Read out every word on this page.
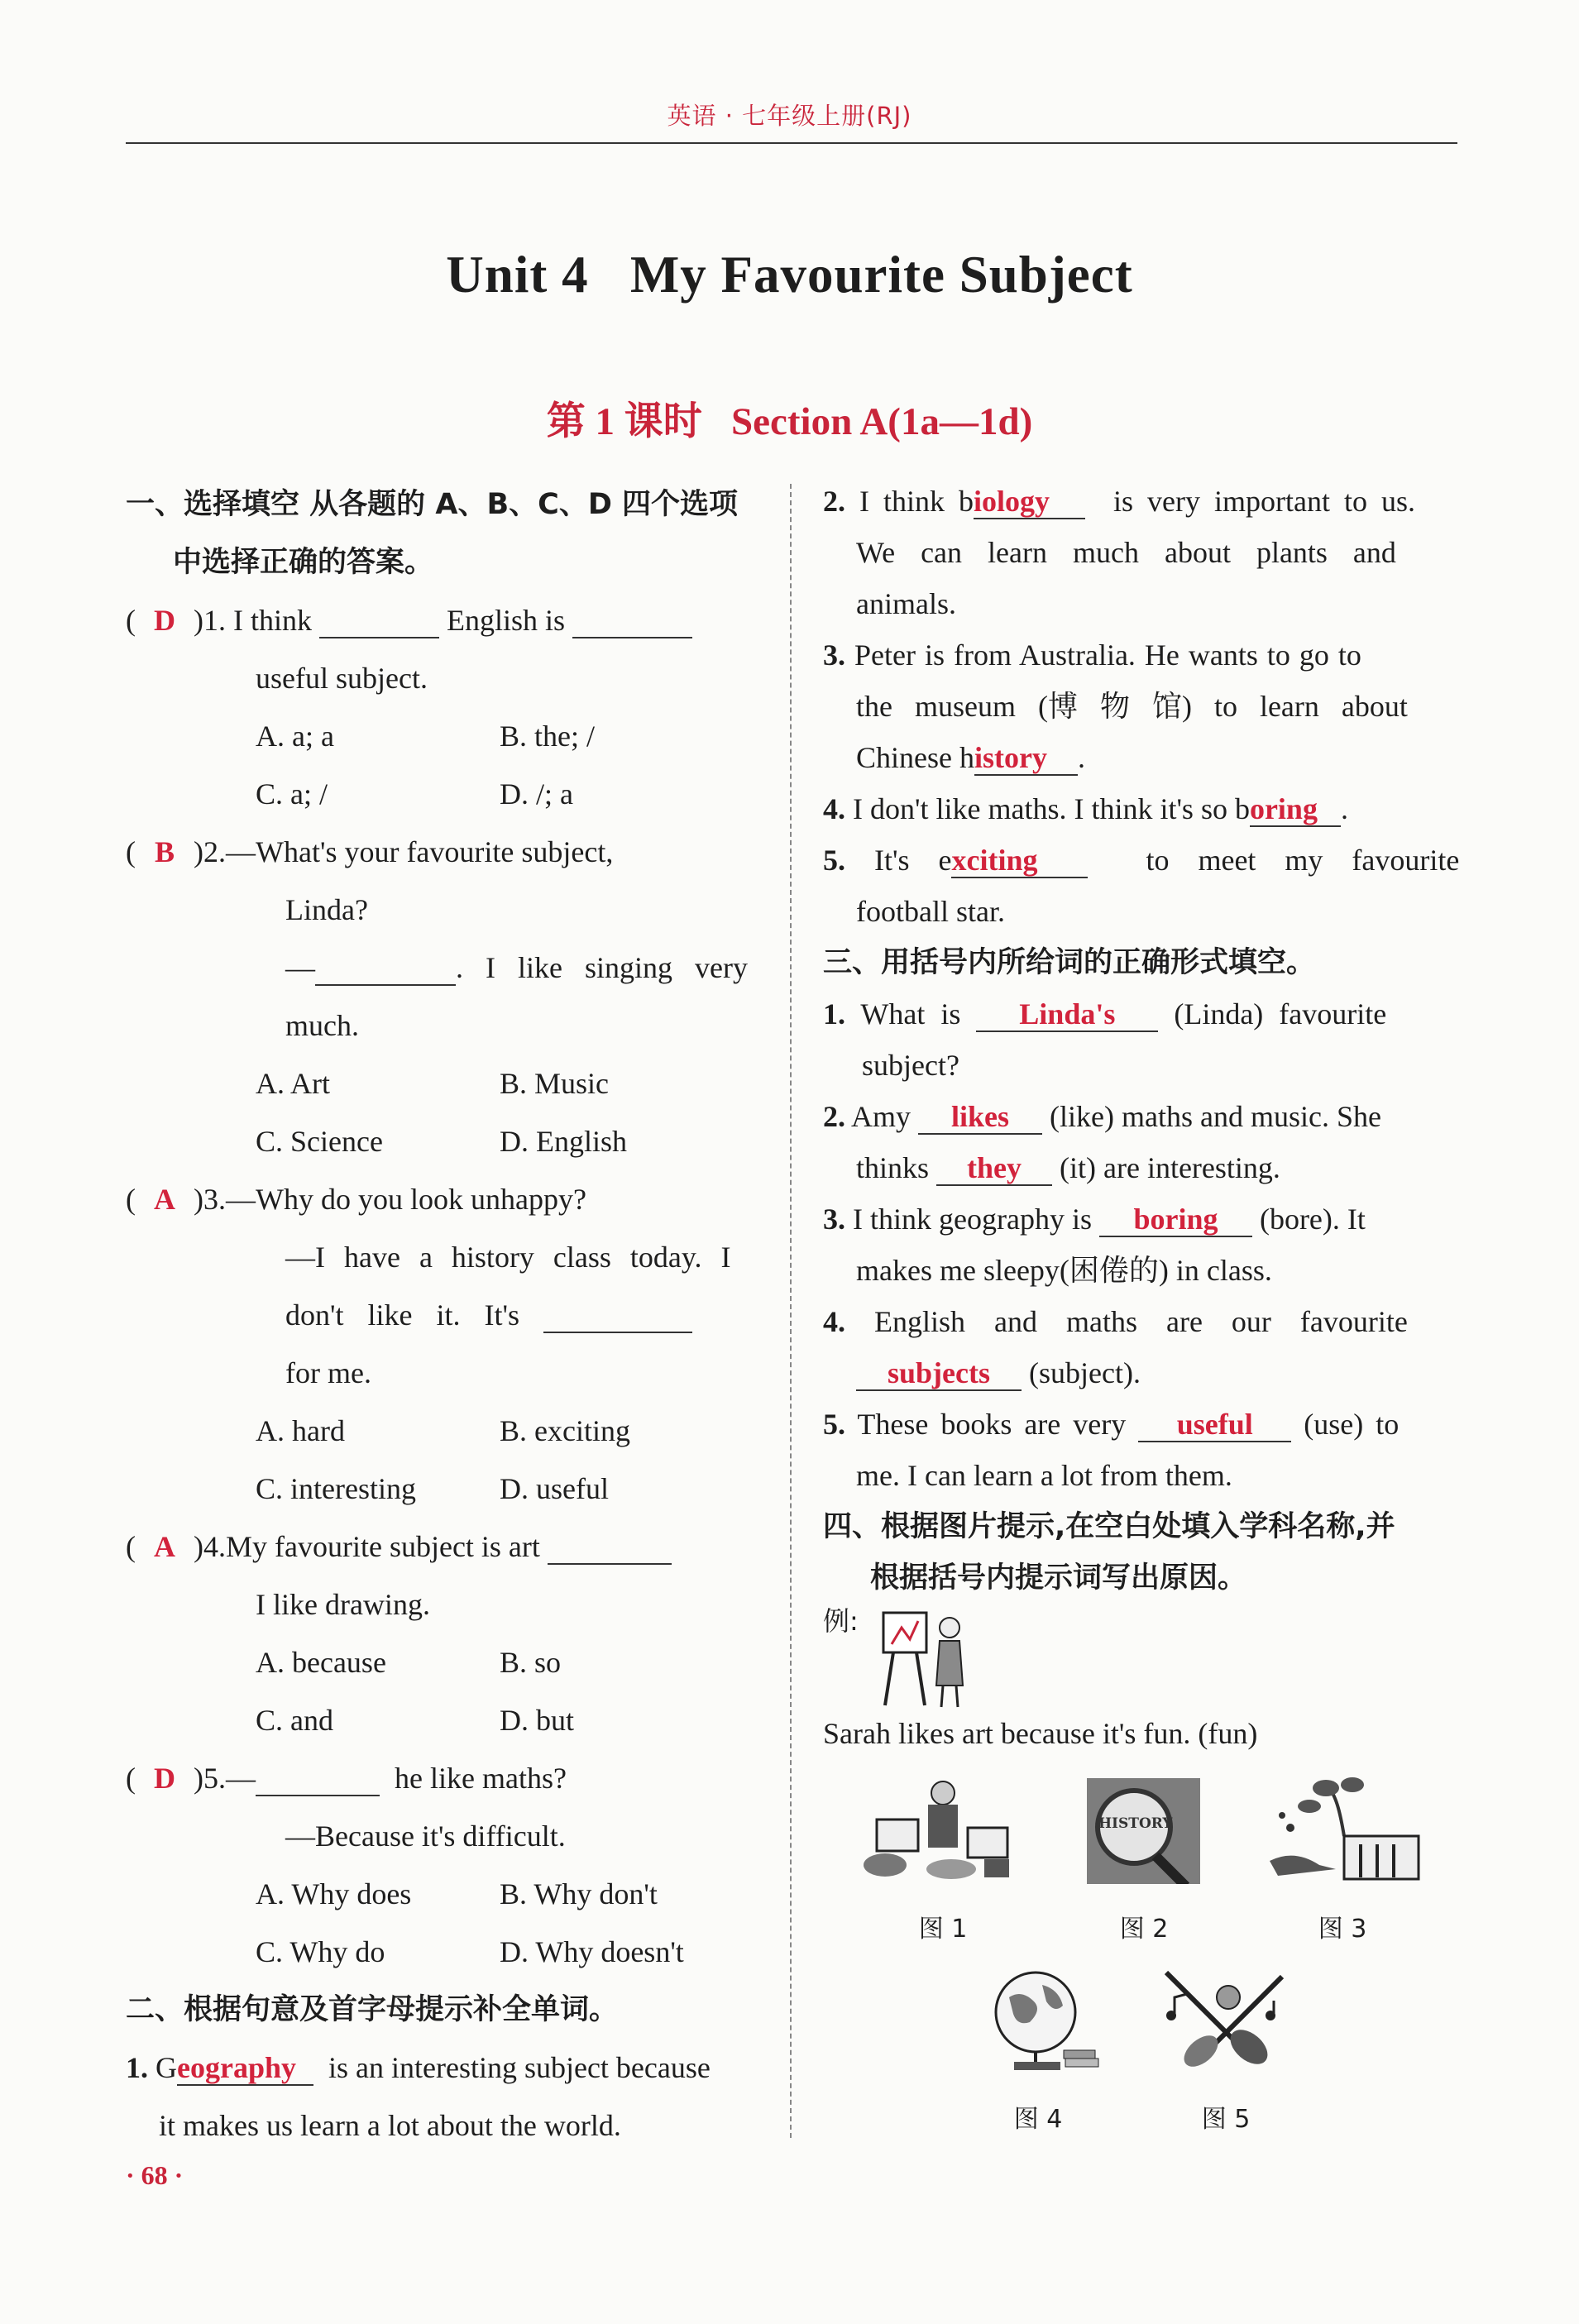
英语 · 七年级上册(RJ)
Unit 4   My Favourite Subject
第 1 课时   Section A(1a—1d)
一、选择填空 从各题的 A、B、C、D 四个选项
中选择正确的答案。
( D )1. I think	English is
useful subject.
A. a; a	B. the; /
C. a; /	D. /; a
( B )2.—What's your favourite subject,
Linda?
—	. I like singing very
much.
A. Art	B. Music
C. Science	D. English
( A )3.—Why do you look unhappy?
—I have a history class today. I
don't like it. It's
for me.
A. hard	B. exciting
C. interesting	D. useful
( A )4.My favourite subject is art
I like drawing.
A. because	B. so
C. and	D. but
( D )5.—	he like maths?
—Because it's difficult.
A. Why does	B. Why don't
C. Why do	D. Why doesn't
二、根据句意及首字母提示补全单词。
1. Geography is an interesting subject because
it makes us learn a lot about the world.
2. I think biology is very important to us.
We can learn much about plants and
animals.
3. Peter is from Australia. He wants to go to
the museum (博 物 馆) to learn about
Chinese history .
4. I don't like maths. I think it's so boring .
5. It's exciting	to meet my favourite
football star.
三、用括号内所给词的正确形式填空。
1. What is Linda's (Linda) favourite
subject?
2. Amy likes (like) maths and music. She
thinks they (it) are interesting.
3. I think geography is boring (bore). It
makes me sleepy(困倦的) in class.
4. English and maths are our favourite
subjects (subject).
5. These books are very useful (use) to
me. I can learn a lot from them.
四、根据图片提示,在空白处填入学科名称,并
根据括号内提示词写出原因。
例:
Sarah likes art because it's fun. (fun)
图 1
HISTORY
图 2	图 3
图 4	图 5
· 68 ·
